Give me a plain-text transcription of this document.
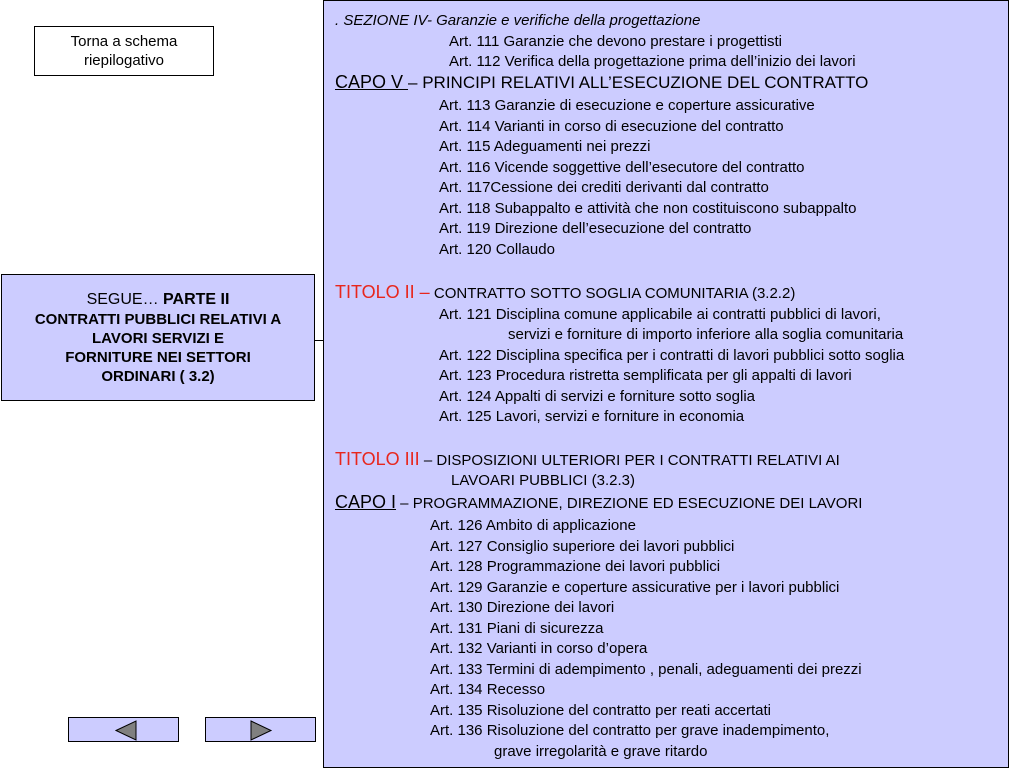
Torna a schema
riepilogativo
SEGUE… PARTE II
CONTRATTI PUBBLICI RELATIVI A
LAVORI SERVIZI E
FORNITURE NEI SETTORI
ORDINARI ( 3.2)
. SEZIONE IV- Garanzie e verifiche della progettazione
Art. 111 Garanzie che devono prestare i progettisti
Art. 112 Verifica della progettazione prima dell’inizio dei lavori
CAPO V – PRINCIPI RELATIVI ALL’ESECUZIONE DEL CONTRATTO
Art. 113 Garanzie di esecuzione e coperture assicurative
Art. 114 Varianti in corso di esecuzione del contratto
Art. 115 Adeguamenti nei prezzi
Art. 116 Vicende soggettive dell’esecutore del contratto
Art. 117Cessione dei crediti derivanti dal contratto
Art. 118 Subappalto e attività che non costituiscono subappalto
Art. 119 Direzione dell’esecuzione del contratto
Art. 120 Collaudo
TITOLO II – CONTRATTO SOTTO SOGLIA COMUNITARIA (3.2.2)
Art. 121 Disciplina comune applicabile ai contratti pubblici di lavori,
servizi e forniture di importo inferiore alla soglia comunitaria
Art. 122 Disciplina specifica per i contratti di lavori pubblici sotto soglia
Art. 123 Procedura ristretta semplificata per gli appalti di lavori
Art. 124 Appalti di servizi e forniture sotto soglia
Art. 125 Lavori, servizi e forniture in economia
TITOLO III – DISPOSIZIONI ULTERIORI PER I CONTRATTI RELATIVI AI
LAVOARI PUBBLICI (3.2.3)
CAPO I – PROGRAMMAZIONE, DIREZIONE ED ESECUZIONE DEI LAVORI
Art. 126 Ambito di applicazione
Art. 127 Consiglio superiore dei lavori pubblici
Art. 128 Programmazione dei lavori pubblici
Art. 129 Garanzie e coperture assicurative per i lavori pubblici
Art. 130 Direzione dei lavori
Art. 131 Piani di sicurezza
Art. 132 Varianti in corso d’opera
Art. 133 Termini di adempimento , penali, adeguamenti dei prezzi
Art. 134 Recesso
Art. 135 Risoluzione del contratto per reati accertati
Art. 136 Risoluzione del contratto per grave inadempimento,
grave irregolarità e grave ritardo
